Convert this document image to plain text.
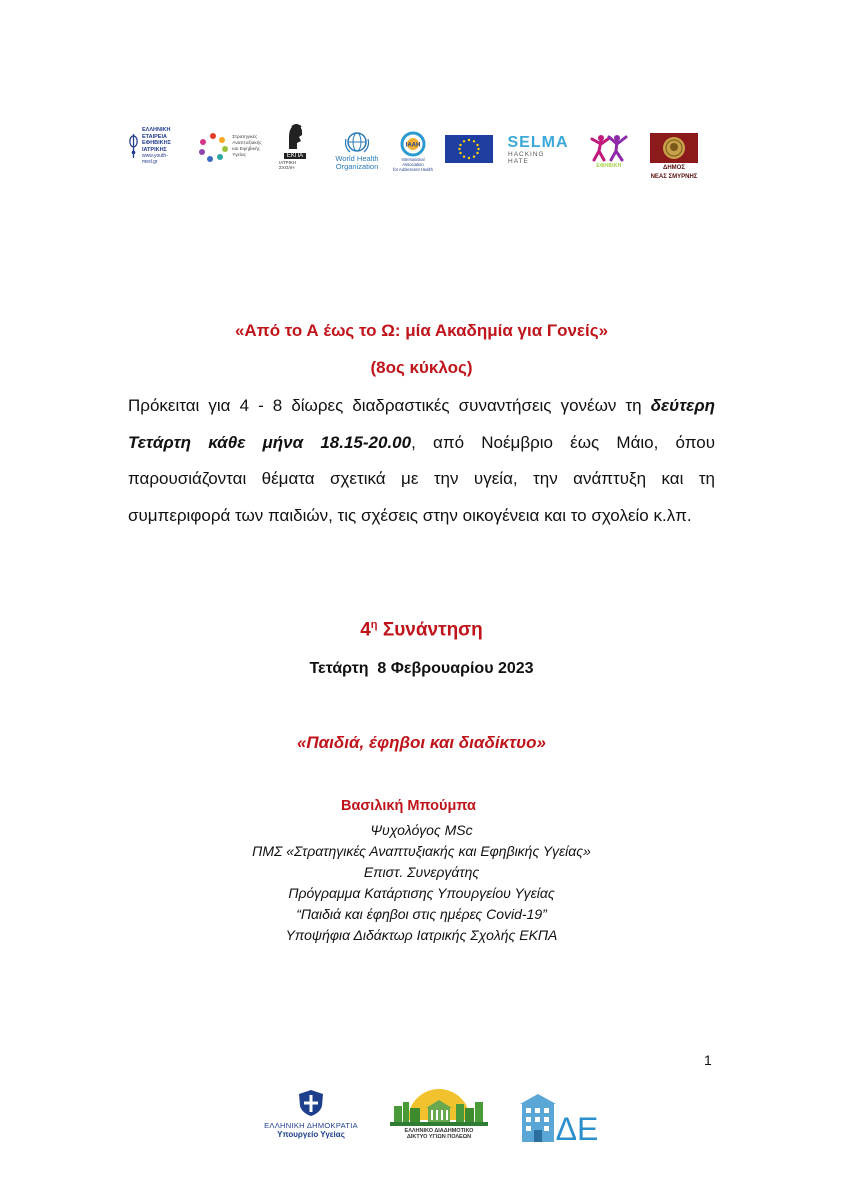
ΕΛΛΗΝΙΚΗ
ΕΤΑΙΡΕΙΑ
ΕΦΗΒΙΚΗΣ
ΙΑΤΡΙΚΗΣ
www.youth-med.gr
Στρατηγικές
Αναπτυξιακής
και Εφηβικής
Υγείας	ΕΚΠΑ
ΙΑΤΡΙΚΗ ΣΧΟΛΗ
World Health
Organization
IAAH
International Association
for Adolescent Health
SELMA
HACKING HATE
ΕΦΗΒΙΚΗ	ΔΗΜΟΣ
ΝΕΑΣ ΣΜΥΡΝΗΣ
«Από το Α έως το Ω: μία Ακαδημία για Γονείς»
(8ος κύκλος)
Πρόκειται για 4 - 8 δίωρες διαδραστικές συναντήσεις γονέων τη δεύτερη Τετάρτη κάθε μήνα 18.15-20.00, από Νοέμβριο έως Μάιο, όπου παρουσιάζονται θέματα σχετικά με την υγεία, την ανάπτυξη και τη συμπεριφορά των παιδιών, τις σχέσεις στην οικογένεια και το σχολείο κ.λπ.
$4^\eta$ Συνάντηση
Τετάρτη  8 Φεβρουαρίου 2023
«Παιδιά, έφηβοι και διαδίκτυο»
Βασιλική Μπούμπα
Ψυχολόγος MSc
ΠΜΣ «Στρατηγικές Αναπτυξιακής και Εφηβικής Υγείας»
Επιστ. Συνεργάτης
Πρόγραμμα Κατάρτισης Υπουργείου Υγείας
“Παιδιά και έφηβοι στις ημέρες Covid-19”
Υποψήφια Διδάκτωρ Ιατρικής Σχολής ΕΚΠΑ
1
ΕΛΛΗΝΙΚΗ ΔΗΜΟΚΡΑΤΙΑ
Υπουργείο Υγείας	ΕΛΛΗΝΙΚΟ ΔΙΑΔΗΜΟΤΙΚΟ
ΔΙΚΤΥΟ ΥΓΙΩΝ ΠΟΛΕΩΝ	ΔΕ
